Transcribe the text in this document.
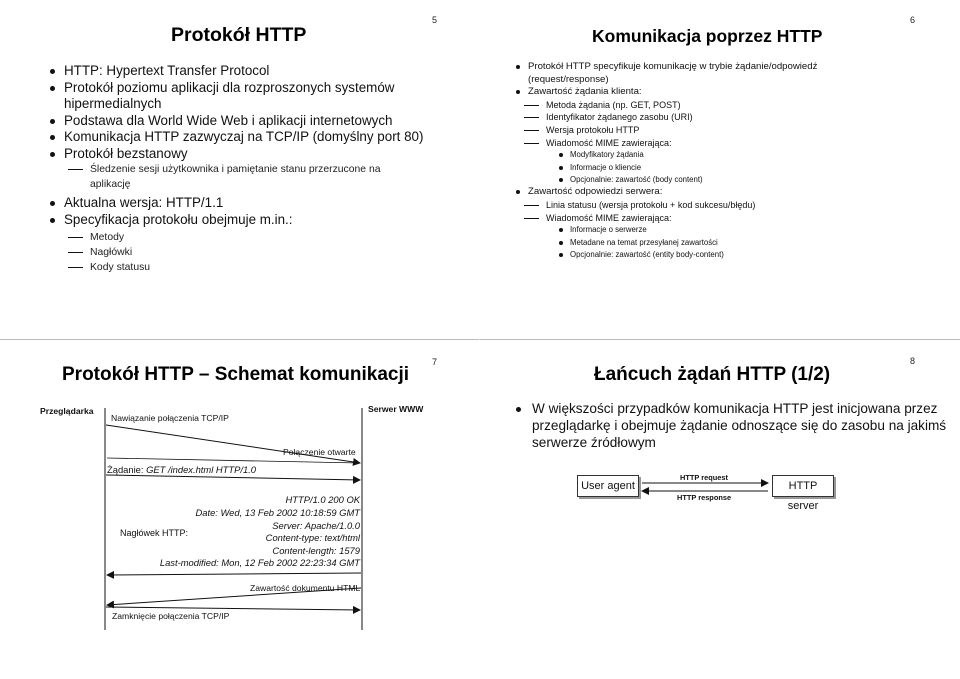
5
Protokół HTTP
HTTP: Hypertext Transfer Protocol
Protokół poziomu aplikacji dla rozproszonych systemów hipermedialnych
Podstawa dla World Wide Web i aplikacji internetowych
Komunikacja HTTP zazwyczaj na TCP/IP (domyślny port 80)
Protokół bezstanowy
Śledzenie sesji użytkownika i pamiętanie stanu przerzucone na aplikację
Aktualna wersja: HTTP/1.1
Specyfikacja protokołu obejmuje m.in.:
Metody
Nagłówki
Kody statusu
6
Komunikacja poprzez HTTP
Protokół HTTP specyfikuje komunikację w trybie żądanie/odpowiedź (request/response)
Zawartość żądania klienta:
Metoda żądania (np. GET, POST)
Identyfikator żądanego zasobu (URI)
Wersja protokołu HTTP
Wiadomość MIME zawierająca:
Modyfikatory żądania
Informacje o kliencie
Opcjonalnie: zawartość (body content)
Zawartość odpowiedzi serwera:
Linia statusu (wersja protokołu + kod sukcesu/błędu)
Wiadomość MIME zawierająca:
Informacje o serwerze
Metadane na temat przesyłanej zawartości
Opcjonalnie: zawartość (entity body-content)
7
Protokół HTTP – Schemat komunikacji
Przeglądarka	Serwer WWW
Nawiązanie połączenia TCP/IP
Połączenie otwarte
Żądanie: GET /index.html HTTP/1.0
Nagłówek HTTP:
HTTP/1.0 200 OK
Date: Wed, 13 Feb 2002 10:18:59 GMT
Server: Apache/1.0.0
Content-type: text/html
Content-length: 1579
Last-modified: Mon, 12 Feb 2002 22:23:34 GMT
Zawartość dokumentu HTML
Zamknięcie połączenia TCP/IP
8
Łańcuch żądań HTTP (1/2)
W większości przypadków komunikacja HTTP jest inicjowana przez przeglądarkę i obejmuje żądanie odnoszące się do zasobu na jakimś serwerze źródłowym
User agent	HTTP server
HTTP request
HTTP response
